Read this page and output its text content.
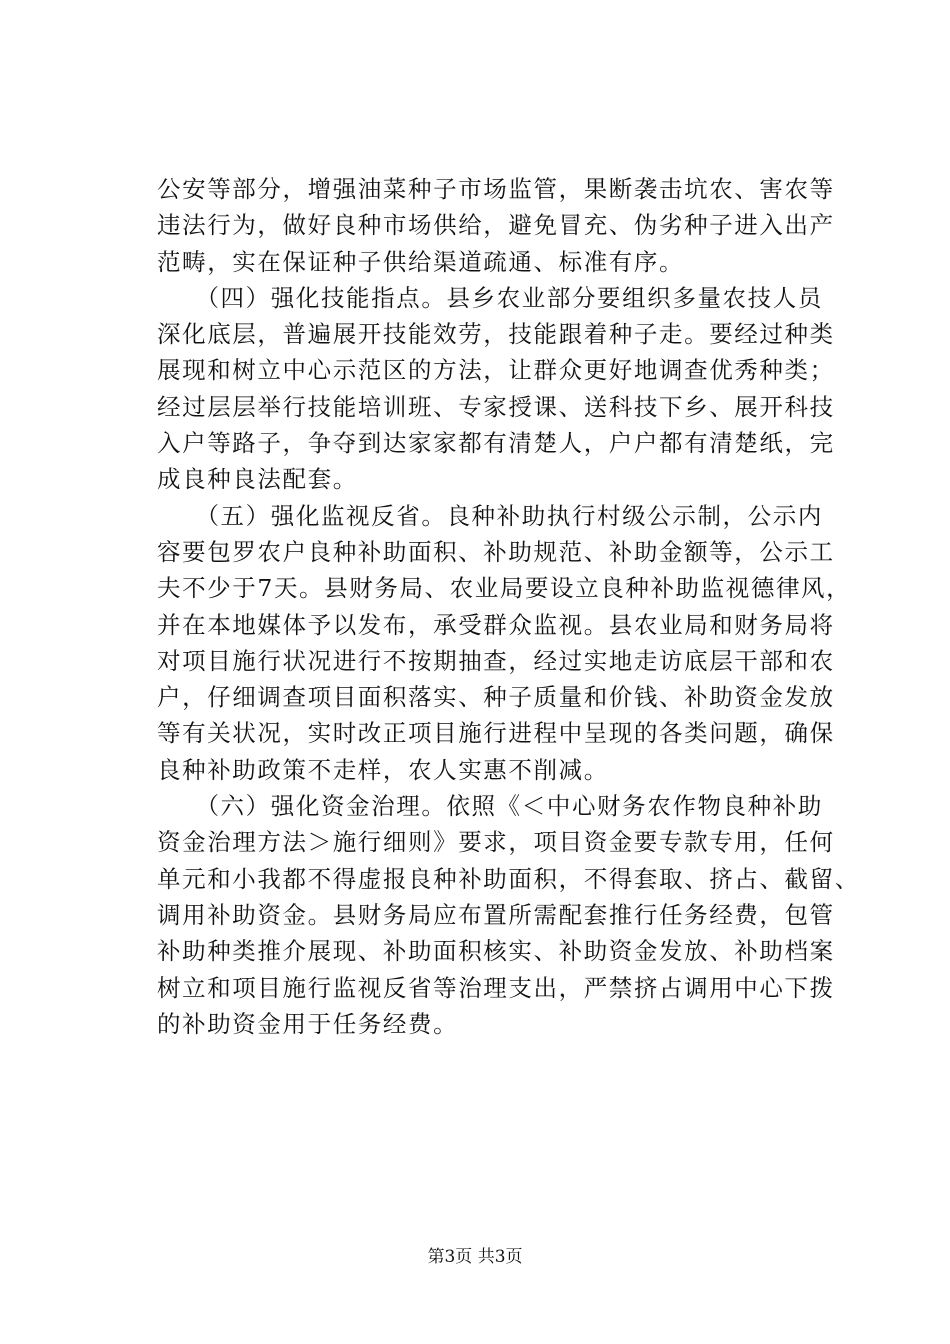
公安等部分，增强油菜种子市场监管，果断袭击坑农、害农等
违法行为，做好良种市场供给，避免冒充、伪劣种子进入出产
范畴，实在保证种子供给渠道疏通、标准有序。
　　（四）强化技能指点。县乡农业部分要组织多量农技人员
深化底层，普遍展开技能效劳，技能跟着种子走。要经过种类
展现和树立中心示范区的方法，让群众更好地调查优秀种类；
经过层层举行技能培训班、专家授课、送科技下乡、展开科技
入户等路子，争夺到达家家都有清楚人，户户都有清楚纸，完
成良种良法配套。
　　（五）强化监视反省。良种补助执行村级公示制，公示内
容要包罗农户良种补助面积、补助规范、补助金额等，公示工
夫不少于7天。县财务局、农业局要设立良种补助监视德律风，
并在本地媒体予以发布，承受群众监视。县农业局和财务局将
对项目施行状况进行不按期抽查，经过实地走访底层干部和农
户，仔细调查项目面积落实、种子质量和价钱、补助资金发放
等有关状况，实时改正项目施行进程中呈现的各类问题，确保
良种补助政策不走样，农人实惠不削减。
　　（六）强化资金治理。依照《＜中心财务农作物良种补助
资金治理方法＞施行细则》要求，项目资金要专款专用，任何
单元和小我都不得虚报良种补助面积，不得套取、挤占、截留、
调用补助资金。县财务局应布置所需配套推行任务经费，包管
补助种类推介展现、补助面积核实、补助资金发放、补助档案
树立和项目施行监视反省等治理支出，严禁挤占调用中心下拨
的补助资金用于任务经费。
第3页 共3页
